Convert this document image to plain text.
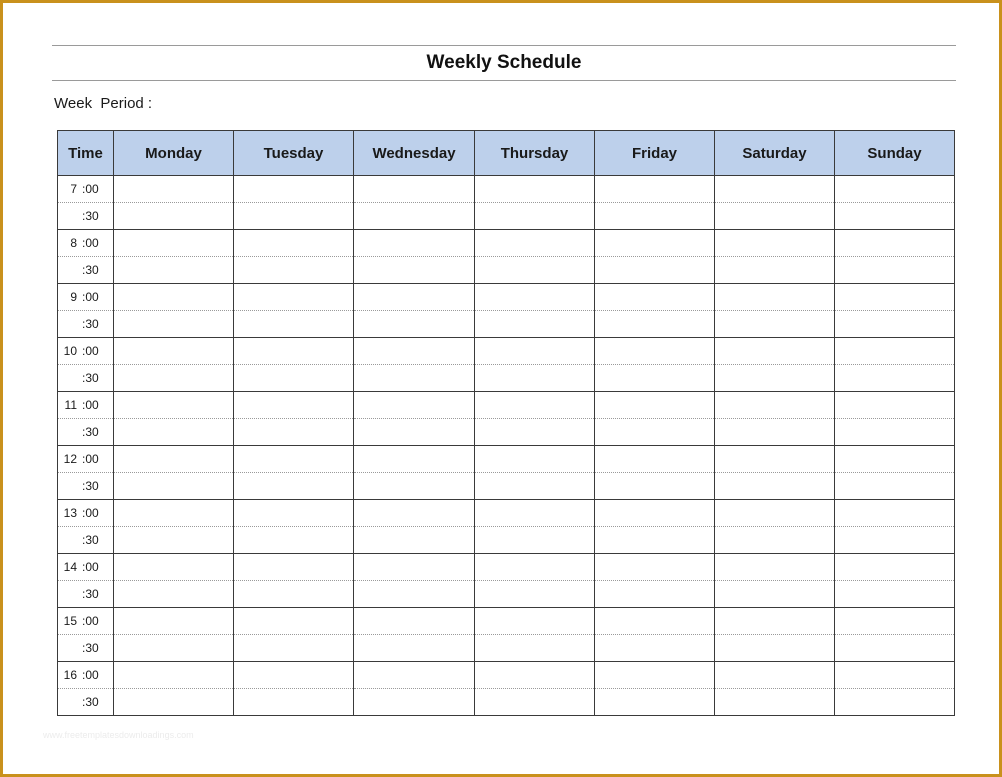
Weekly Schedule
Week  Period :
Time	Monday	Tuesday	Wednesday	Thursday	Friday	Saturday	Sunday
7 :00							
:30							
8 :00							
:30							
9 :00							
:30							
10 :00							
:30							
11 :00							
:30							
12 :00							
:30							
13 :00							
:30							
14 :00							
:30							
15 :00							
:30							
16 :00							
:30							
www.freetemplatesdownloadings.com
